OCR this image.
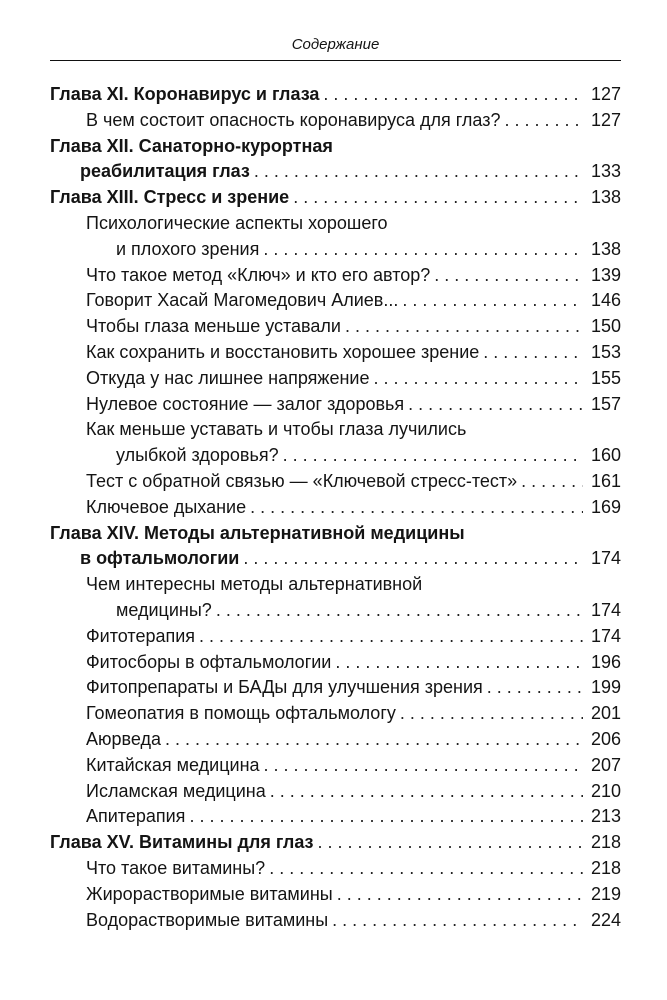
Содержание
Глава XI. Коронавирус и глаза . . .	127
В чем состоит опасность коронавируса для глаз? . . .	127
Глава XII. Санаторно-курортная
реабилитация глаз . . .	133
Глава XIII. Стресс и зрение . . .	138
Психологические аспекты хорошего
и плохого зрения . . .	138
Что такое метод «Ключ» и кто его автор? . . .	139
Говорит Хасай Магомедович Алиев... . . .	146
Чтобы глаза меньше уставали . . .	150
Как сохранить и восстановить хорошее зрение . . .	153
Откуда у нас лишнее напряжение . . .	155
Нулевое состояние — залог здоровья . . .	157
Как меньше уставать и чтобы глаза лучились
улыбкой здоровья? . . .	160
Тест с обратной связью — «Ключевой стресс-тест» . . .	161
Ключевое дыхание . . .	169
Глава XIV. Методы альтернативной медицины
в офтальмологии . . .	174
Чем интересны методы альтернативной
медицины? . . .	174
Фитотерапия . . .	174
Фитосборы в офтальмологии . . .	196
Фитопрепараты и БАДы для улучшения зрения . . .	199
Гомеопатия в помощь офтальмологу . . .	201
Аюрведа . . .	206
Китайская медицина . . .	207
Исламская медицина . . .	210
Апитерапия . . .	213
Глава XV. Витамины для глаз . . .	218
Что такое витамины? . . .	218
Жирорастворимые витамины . . .	219
Водорастворимые витамины . . .	224
